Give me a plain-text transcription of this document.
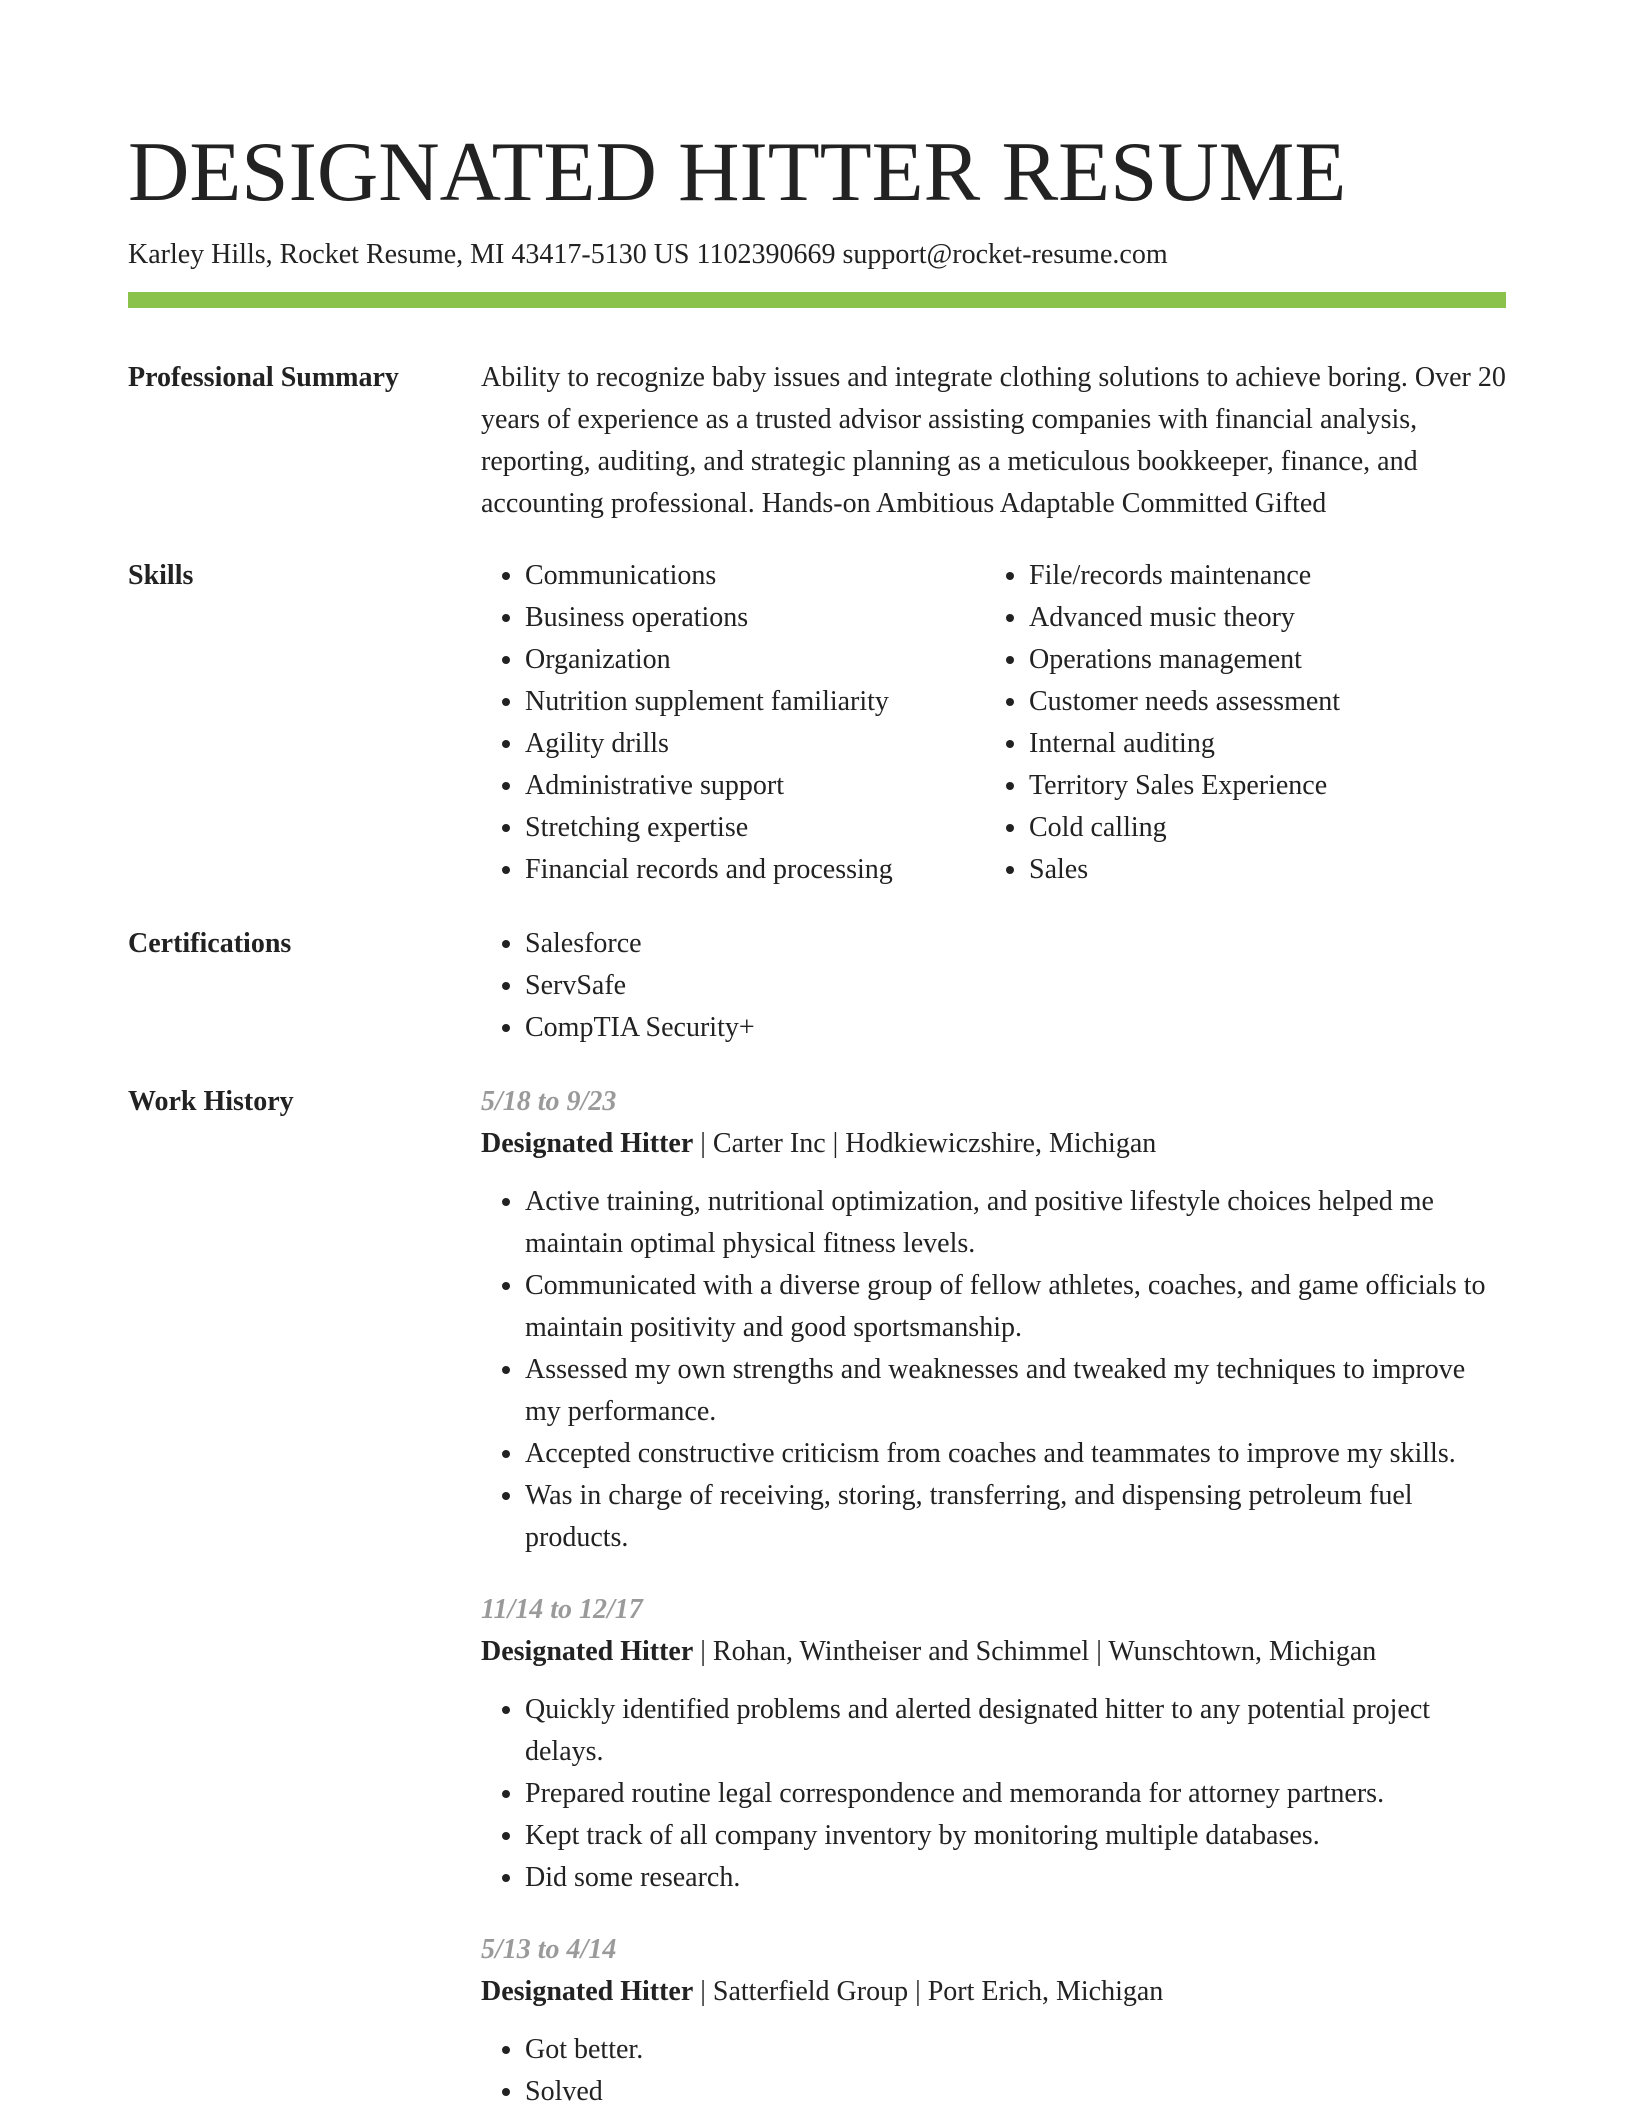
DESIGNATED HITTER RESUME
Karley Hills, Rocket Resume, MI 43417-5130 US 1102390669 support@rocket-resume.com
Professional Summary	Ability to recognize baby issues and integrate clothing solutions to achieve boring. Over 20 years of experience as a trusted advisor assisting companies with financial analysis, reporting, auditing, and strategic planning as a meticulous bookkeeper, finance, and accounting professional. Hands-on Ambitious Adaptable Committed Gifted

Skills	• Communications
• Business operations
• Organization
• Nutrition supplement familiarity
• Agility drills
• Administrative support
• Stretching expertise
• Financial records and processing
• File/records maintenance
• Advanced music theory
• Operations management
• Customer needs assessment
• Internal auditing
• Territory Sales Experience
• Cold calling
• Sales
Certifications	• Salesforce
• ServSafe
• CompTIA Security+
Work History	5/18 to 9/23
Designated Hitter | Carter Inc | Hodkiewiczshire, Michigan
• Active training, nutritional optimization, and positive lifestyle choices helped me maintain optimal physical fitness levels.
• Communicated with a diverse group of fellow athletes, coaches, and game officials to maintain positivity and good sportsmanship.
• Assessed my own strengths and weaknesses and tweaked my techniques to improve my performance.
• Accepted constructive criticism from coaches and teammates to improve my skills.
• Was in charge of receiving, storing, transferring, and dispensing petroleum fuel products.
11/14 to 12/17
Designated Hitter | Rohan, Wintheiser and Schimmel | Wunschtown, Michigan
• Quickly identified problems and alerted designated hitter to any potential project delays.
• Prepared routine legal correspondence and memoranda for attorney partners.
• Kept track of all company inventory by monitoring multiple databases.
• Did some research.
5/13 to 4/14
Designated Hitter | Satterfield Group | Port Erich, Michigan
• Got better.
• Solved
